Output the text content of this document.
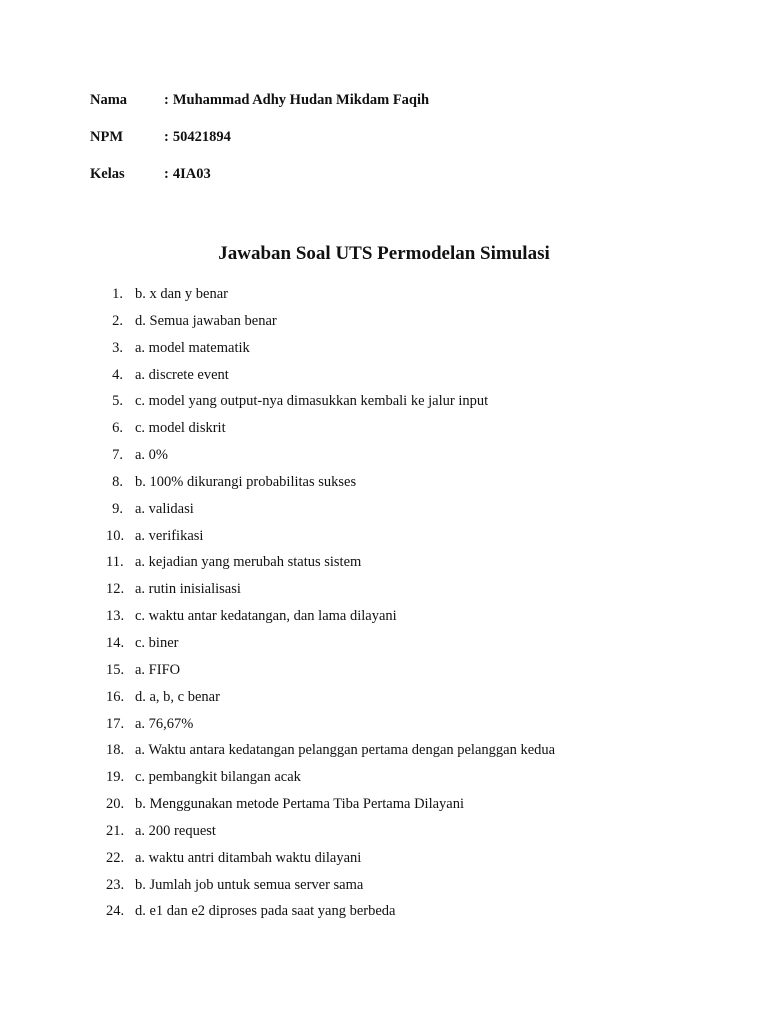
Nama	: Muhammad Adhy Hudan Mikdam Faqih
NPM	: 50421894
Kelas	: 4IA03
Jawaban Soal UTS Permodelan Simulasi
1. b. x dan y benar
2. d. Semua jawaban benar
3. a. model matematik
4. a. discrete event
5. c. model yang output-nya dimasukkan kembali ke jalur input
6. c. model diskrit
7. a. 0%
8. b. 100% dikurangi probabilitas sukses
9. a. validasi
10. a. verifikasi
11. a. kejadian yang merubah status sistem
12. a. rutin inisialisasi
13. c. waktu antar kedatangan, dan lama dilayani
14. c. biner
15. a. FIFO
16. d. a, b, c benar
17. a. 76,67%
18. a. Waktu antara kedatangan pelanggan pertama dengan pelanggan kedua
19. c. pembangkit bilangan acak
20. b. Menggunakan metode Pertama Tiba Pertama Dilayani
21. a. 200 request
22. a. waktu antri ditambah waktu dilayani
23. b. Jumlah job untuk semua server sama
24. d. e1 dan e2 diproses pada saat yang berbeda
